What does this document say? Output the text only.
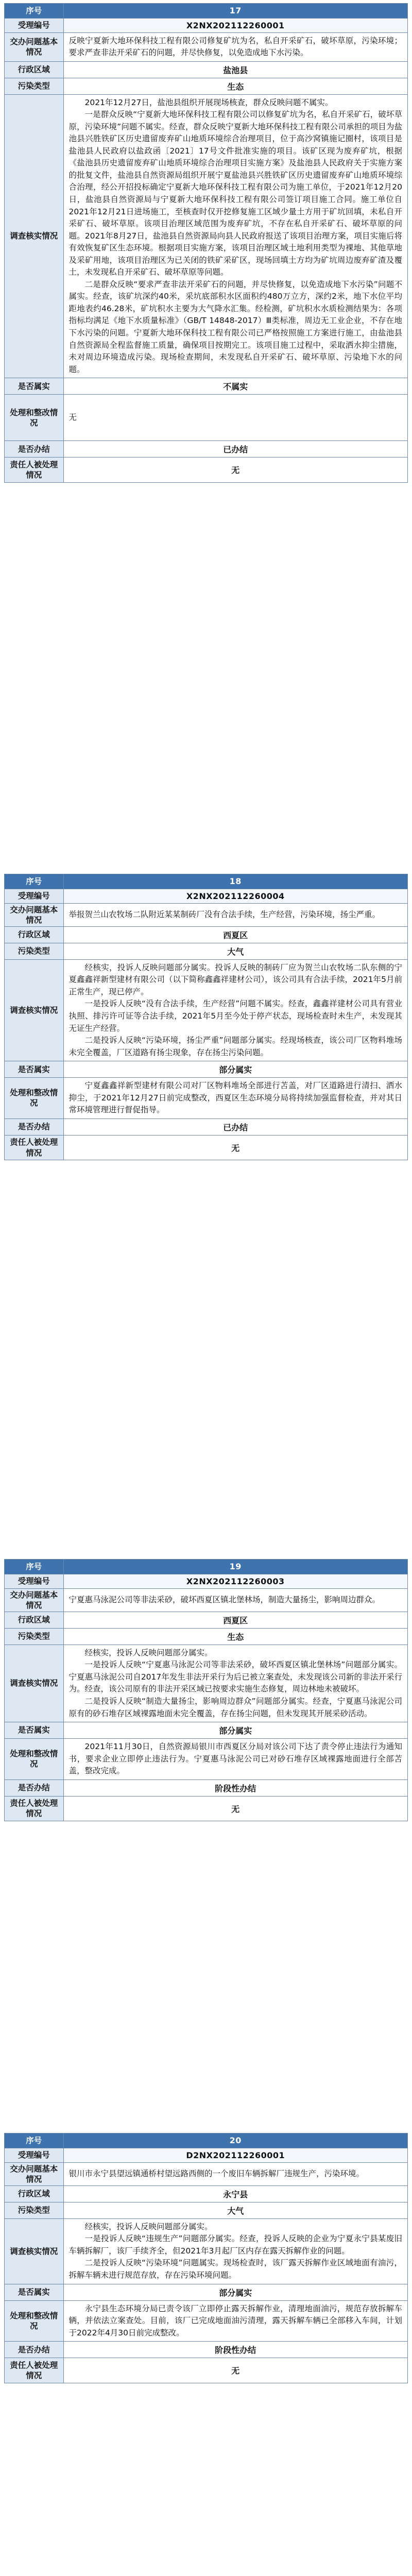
序号	17
受理编号	X2NX202112260001
交办问题基本情况	反映宁夏新大地环保科技工程有限公司修复矿坑为名，私自开采矿石，破坏草原，污染环境；要求严查非法开采矿石的问题，并尽快修复，以免造成地下水污染。
行政区域	盐池县
污染类型	生态
调查核实情况	2021年12月27日，盐池县组织开展现场核查，群众反映问题不属实。

一是群众反映“宁夏新大地环保科技工程有限公司以修复矿坑为名，私自开采矿石，破坏草原，污染环境”问题不属实。经查，群众反映宁夏新大地环保科技工程有限公司承担的项目为盐池县兴胜铁矿区历史遗留废弃矿山地质环境综合治理项目，位于高沙窝镇施记圈村，该项目是盐池县人民政府以盐政函〔2021〕17号文件批准实施的项目。该矿区现为废弃矿坑，根据《盐池县历史遗留废弃矿山地质环境综合治理项目实施方案》及盐池县人民政府关于实施方案的批复文件，盐池县自然资源局组织开展宁夏盐池县兴胜铁矿区历史遗留废弃矿山地质环境综合治理，经公开招投标确定宁夏新大地环保科技工程有限公司为施工单位，于2021年12月20日，盐池县自然资源局与宁夏新大地环保科技工程有限公司签订项目施工合同。施工单位自2021年12月21日进场施工，至核查时仅开挖修复施工区域少量土方用于矿坑回填，未私自开采矿石、破坏草原。该项目治理区域范围为废弃矿坑，不存在私自开采矿石、破坏草原的问题。2021年8月27日，盐池县自然资源局向县人民政府报送了该项目治理方案，项目实施后将有效恢复矿区生态环境。根据项目实施方案，该项目治理区域土地利用类型为裸地、其他草地及采矿用地，该项目治理区为已关闭的铁矿采矿区，现场回填土方均为矿坑周边废弃矿渣及覆土，未发现私自开采矿石、破坏草原等问题。

二是群众反映“要求严查非法开采矿石的问题，并尽快修复，以免造成地下水污染”问题不属实。经查，该矿坑深约40米，采坑底部积水区面积约480万立方，深约2米，地下水位平均距地表约46.28米，矿坑积水主要为大气降水汇集。经检测，矿坑积水水质检测结果为：各项指标均满足《地下水质量标准》（GB/T 14848-2017）Ⅲ类标准，周边无工业企业，不存在地下水污染的问题。宁夏新大地环保科技工程有限公司已严格按照施工方案进行施工，由盐池县自然资源局全程监督施工质量，确保项目按期完工。该项目施工过程中，采取洒水抑尘措施，未对周边环境造成污染。现场检查期间，未发现私自开采矿石、破坏草原、污染地下水的问题。

是否属实	不属实
处理和整改情况	无
是否办结	已办结
责任人被处理情况	无
序号	18
受理编号	X2NX202112260004
交办问题基本情况	举报贺兰山农牧场二队附近某某制砖厂没有合法手续，生产经营，污染环境，扬尘严重。
行政区域	西夏区
污染类型	大气
调查核实情况	经核实，投诉人反映问题部分属实。投诉人反映的制砖厂应为贺兰山农牧场二队东侧的宁夏鑫鑫祥新型建材有限公司（以下简称鑫鑫祥建材公司），该公司具有合法手续，2021年5月前正常生产，现已停产。

一是投诉人反映“没有合法手续，生产经营”问题不属实。经查，鑫鑫祥建材公司具有营业执照、排污许可证等合法手续，2021年5月至今处于停产状态，现场检查时未生产，未发现其无证生产经营。

二是投诉人反映“污染环境，扬尘严重”问题部分属实。经现场核查，该公司厂区物料堆场未完全覆盖，厂区道路有扬尘现象，存在扬尘污染问题。

是否属实	部分属实
处理和整改情况	宁夏鑫鑫祥新型建材有限公司对厂区物料堆场全部进行苫盖，对厂区道路进行清扫、洒水抑尘，于2021年12月27日前完成整改，西夏区生态环境分局将持续加强监督检查，并对其日常环境管理进行督促指导。

是否办结	已办结
责任人被处理情况	无
序号	19
受理编号	X2NX202112260003
交办问题基本情况	宁夏惠马泳泥公司等非法采砂，破坏西夏区镇北堡林场，制造大量扬尘，影响周边群众。
行政区域	西夏区
污染类型	生态
调查核实情况	经核实，投诉人反映问题部分属实。

一是投诉人反映“宁夏惠马泳泥公司等非法采砂，破坏西夏区镇北堡林场”问题部分属实。宁夏惠马泳泥公司自2017年发生非法开采行为后已被立案查处，未发现该公司新的非法开采行为。经查，该公司原有的非法开采区域已按要求实施生态修复，周边林地未被破坏。

二是投诉人反映“制造大量扬尘，影响周边群众”问题部分属实。经查，宁夏惠马泳泥公司原有的砂石堆存区域裸露地面未完全覆盖，存在扬尘问题，但未发现其开展采砂活动。

是否属实	部分属实
处理和整改情况	2021年11月30日，自然资源局银川市西夏区分局对该公司下达了责令停止违法行为通知书，要求企业立即停止违法行为。宁夏惠马泳泥公司已对砂石堆存区域裸露地面进行全部苫盖，整改完成。

是否办结	阶段性办结
责任人被处理情况	无
序号	20
受理编号	D2NX202112260001
交办问题基本情况	银川市永宁县望远镇通桥村望远路西侧的一个废旧车辆拆解厂违规生产，污染环境。
行政区域	永宁县
污染类型	大气
调查核实情况	经核实，投诉人反映问题部分属实。

一是投诉人反映“违规生产”问题部分属实。经查，投诉人反映的企业为宁夏永宁县某废旧车辆拆解厂，该厂手续齐全，但2021年3月起厂区内存在露天拆解作业的问题。

二是投诉人反映“污染环境”问题属实。现场检查时，该厂露天拆解作业区域地面有油污，拆解车辆未进行规范存放，存在污染环境问题。

是否属实	部分属实
处理和整改情况	永宁县生态环境分局已责令该厂立即停止露天拆解作业，清理地面油污，规范存放拆解车辆，并依法立案查处。目前，该厂已完成地面油污清理，露天拆解车辆已全部移入车间，计划于2022年4月30日前完成整改。

是否办结	阶段性办结
责任人被处理情况	无
